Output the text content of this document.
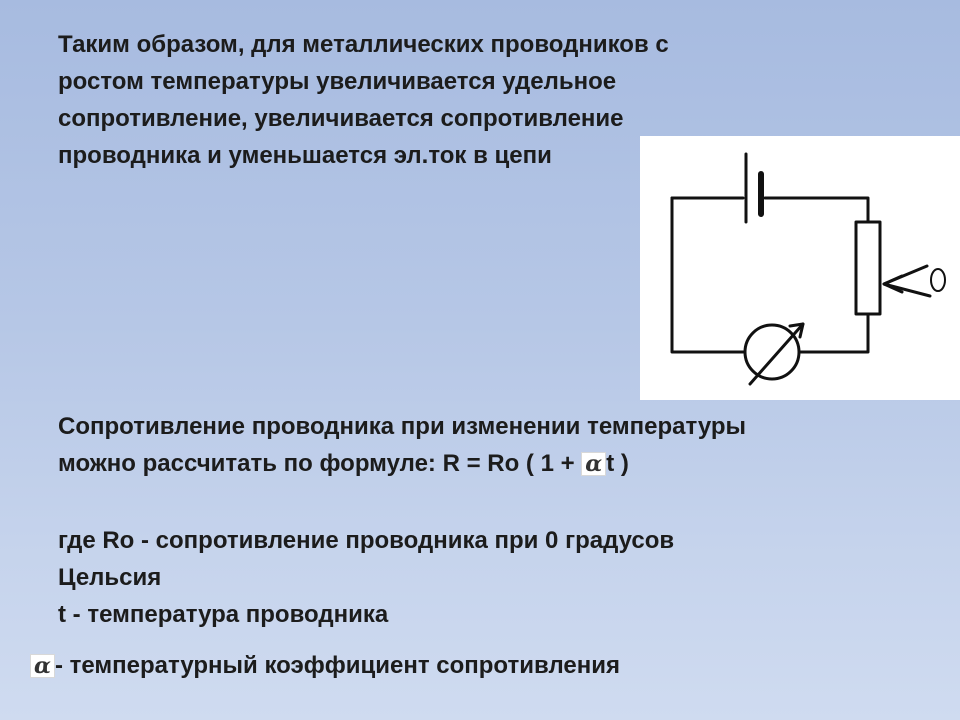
Таким образом, для металлических проводников с
ростом температуры увеличивается удельное
сопротивление, увеличивается сопротивление
проводника и уменьшается эл.ток в цепи
Сопротивление проводника при изменении температуры
можно рассчитать по формуле: R = Ro ( 1 + α t )
где Ro - сопротивление проводника при 0 градусов
Цельсия
t - температура проводника
α - температурный коэффициент сопротивления
